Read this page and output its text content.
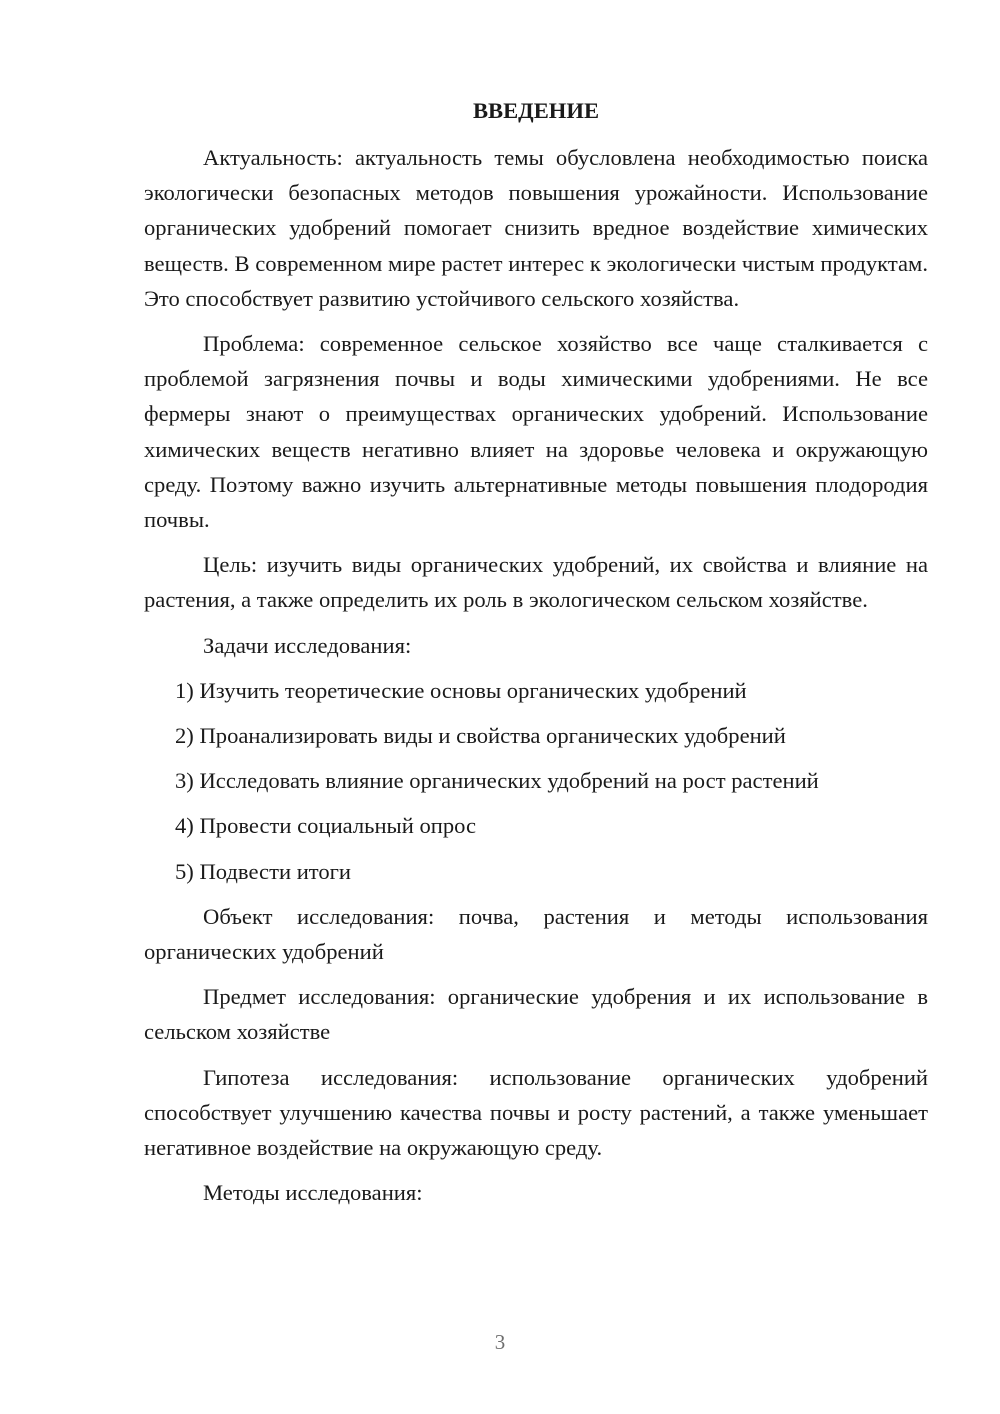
ВВЕДЕНИЕ

Актуальность: актуальность темы обусловлена необходимостью поиска экологически безопасных методов повышения урожайности. Использование органических удобрений помогает снизить вредное воздействие химических веществ. В современном мире растет интерес к экологически чистым продуктам. Это способствует развитию устойчивого сельского хозяйства.

Проблема: современное сельское хозяйство все чаще сталкивается с проблемой загрязнения почвы и воды химическими удобрениями. Не все фермеры знают о преимуществах органических удобрений. Использование химических веществ негативно влияет на здоровье человека и окружающую среду. Поэтому важно изучить альтернативные методы повышения плодородия почвы.

Цель: изучить виды органических удобрений, их свойства и влияние на растения, а также определить их роль в экологическом сельском хозяйстве.

Задачи исследования:

1) Изучить теоретические основы органических удобрений
2) Проанализировать виды и свойства органических удобрений
3) Исследовать влияние органических удобрений на рост растений
4) Провести социальный опрос
5) Подвести итоги

Объект исследования: почва, растения и методы использования органических удобрений

Предмет исследования: органические удобрения и их использование в сельском хозяйстве

Гипотеза исследования: использование органических удобрений способствует улучшению качества почвы и росту растений, а также уменьшает негативное воздействие на окружающую среду.

Методы исследования:

3
